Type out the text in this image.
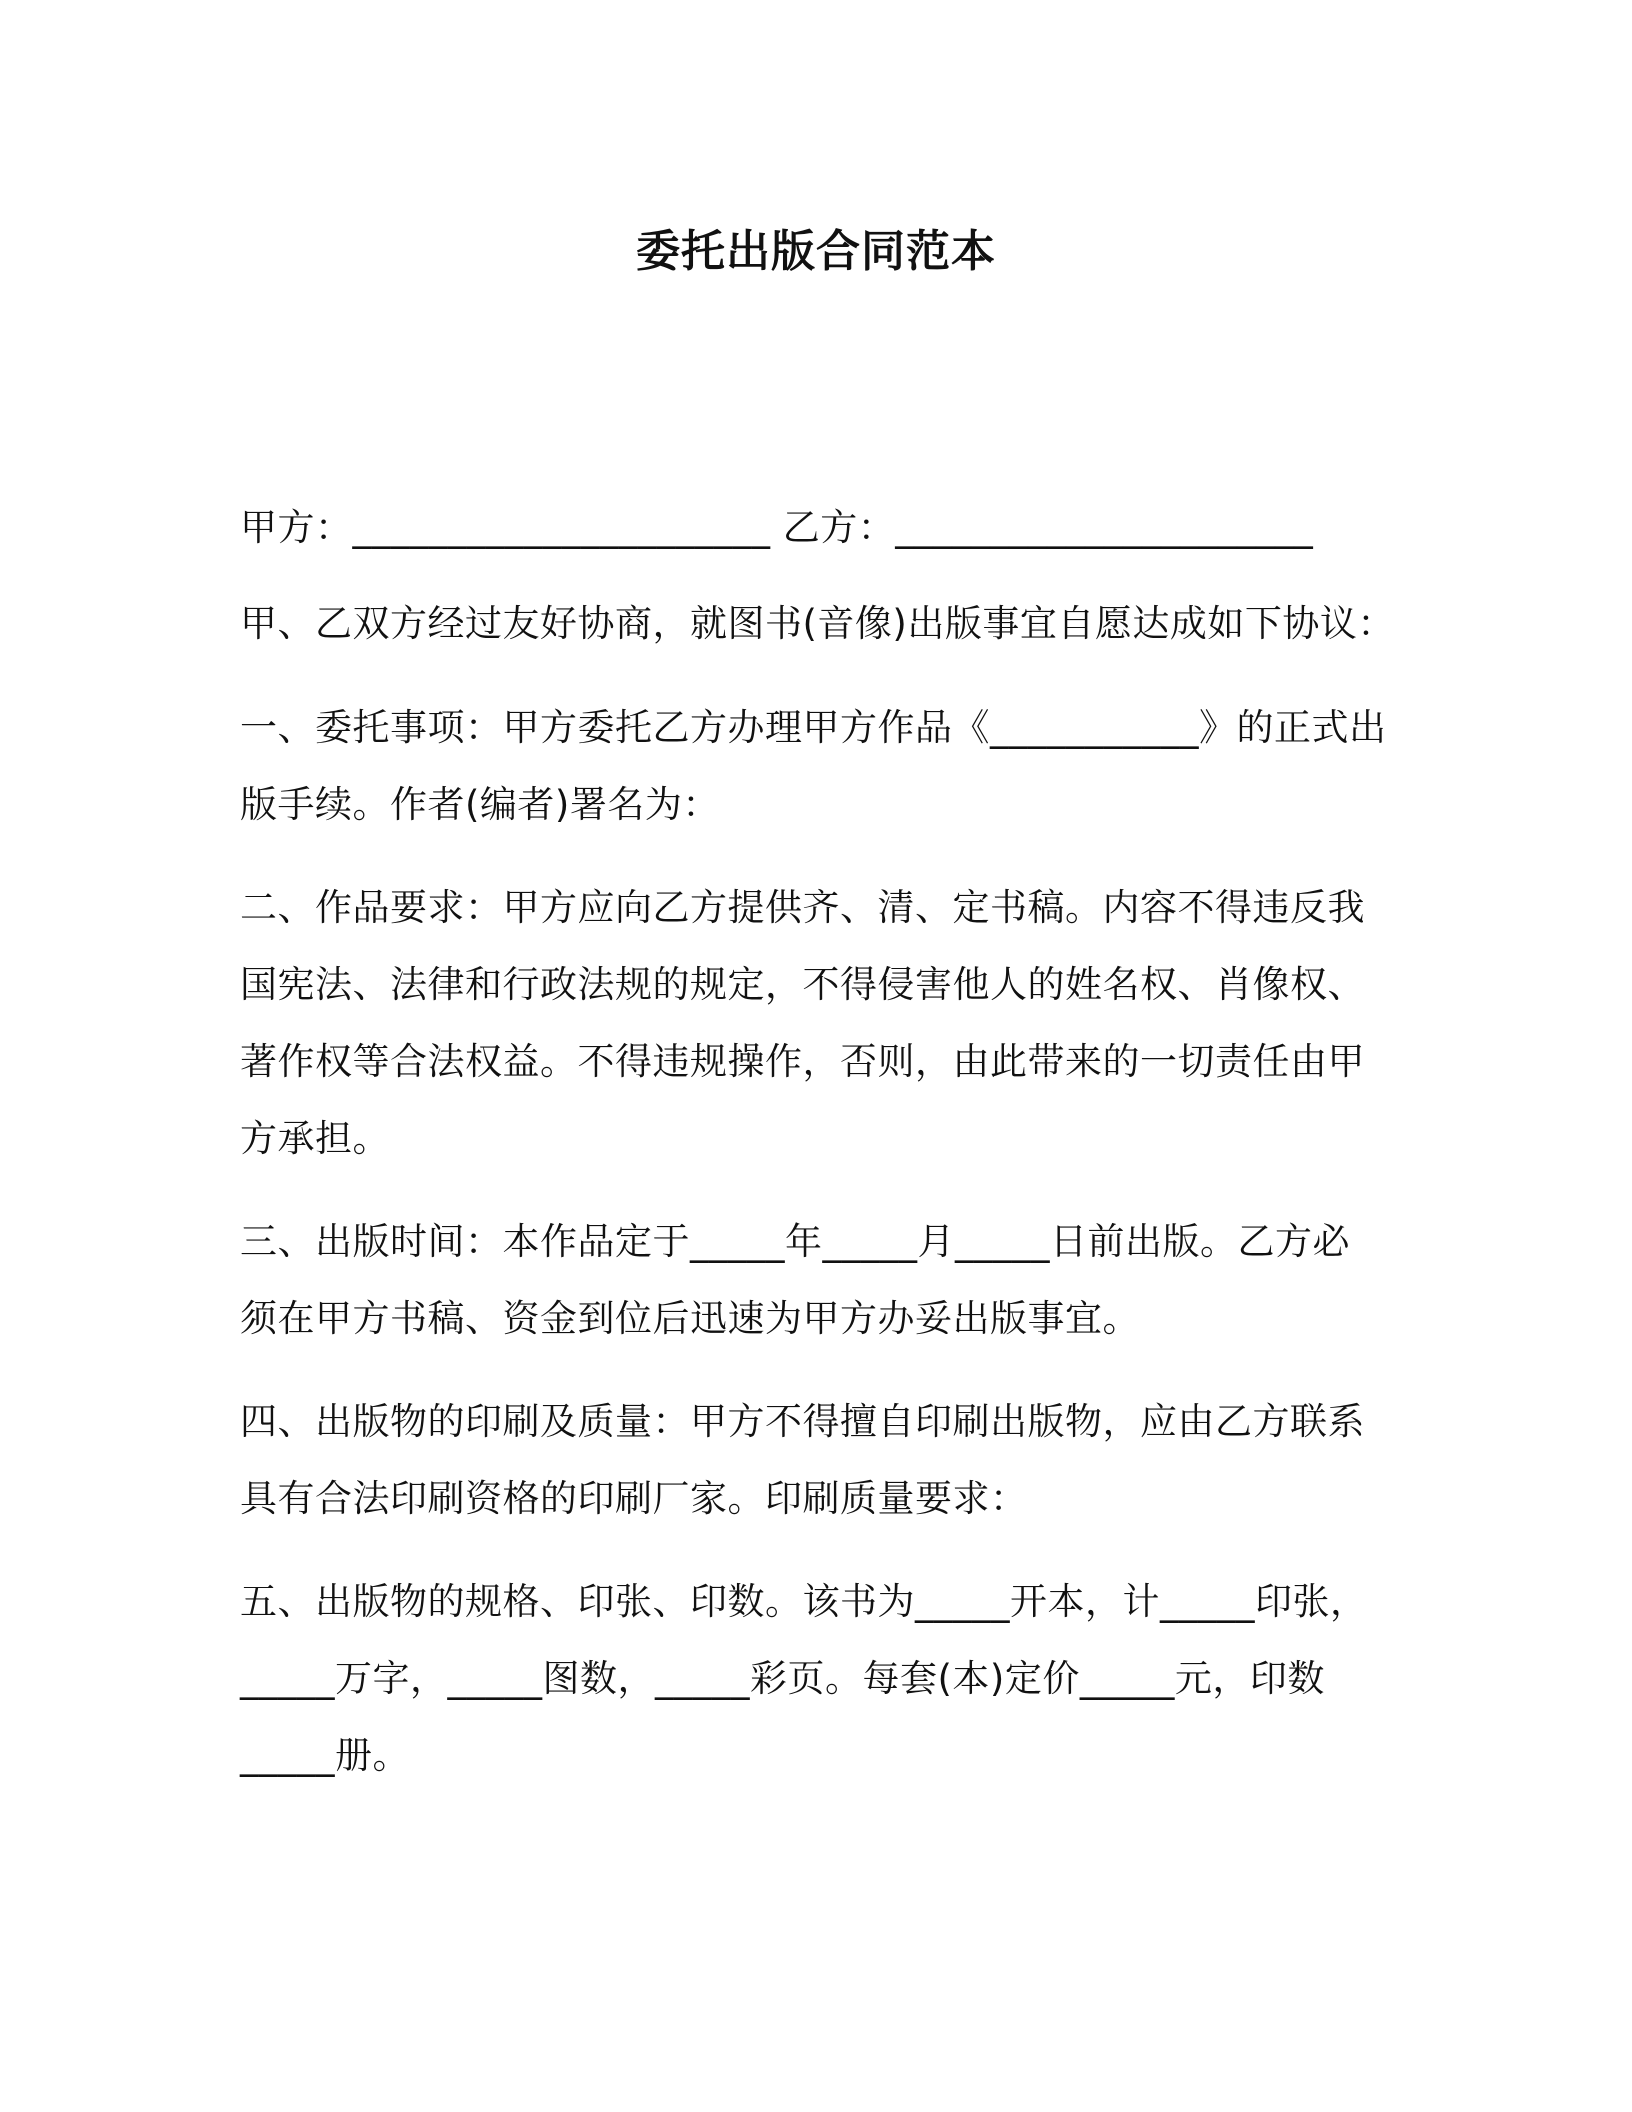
委托出版合同范本
甲方：______________________ 乙方：______________________
甲、乙双方经过友好协商，就图书(音像)出版事宜自愿达成如下协议：
一、委托事项：甲方委托乙方办理甲方作品《___________》的正式出
版手续。作者(编者)署名为：
二、作品要求：甲方应向乙方提供齐、清、定书稿。内容不得违反我
国宪法、法律和行政法规的规定，不得侵害他人的姓名权、肖像权、
著作权等合法权益。不得违规操作，否则，由此带来的一切责任由甲
方承担。
三、出版时间：本作品定于_____年_____月_____日前出版。乙方必
须在甲方书稿、资金到位后迅速为甲方办妥出版事宜。
四、出版物的印刷及质量：甲方不得擅自印刷出版物，应由乙方联系
具有合法印刷资格的印刷厂家。印刷质量要求：
五、出版物的规格、印张、印数。该书为_____开本，计_____印张，
_____万字，_____图数，_____彩页。每套(本)定价_____元，印数
_____册。
